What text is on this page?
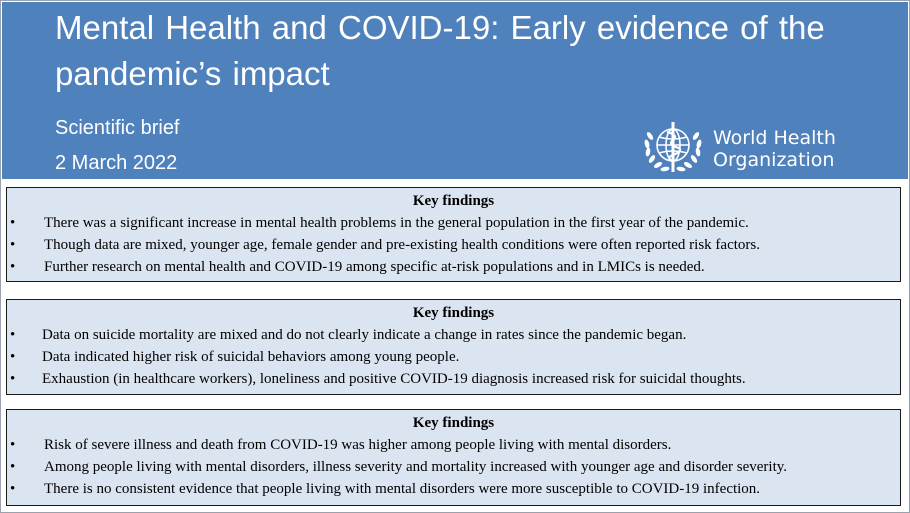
Mental Health and COVID-19: Early evidence of the pandemic’s impact
Scientific brief
2 March 2022
World Health
Organization
Key findings
• There was a significant increase in mental health problems in the general population in the first year of the pandemic.
• Though data are mixed, younger age, female gender and pre-existing health conditions were often reported risk factors.
• Further research on mental health and COVID-19 among specific at-risk populations and in LMICs is needed.
Key findings
• Data on suicide mortality are mixed and do not clearly indicate a change in rates since the pandemic began.
• Data indicated higher risk of suicidal behaviors among young people.
• Exhaustion (in healthcare workers), loneliness and positive COVID-19 diagnosis increased risk for suicidal thoughts.
Key findings
• Risk of severe illness and death from COVID-19 was higher among people living with mental disorders.
• Among people living with mental disorders, illness severity and mortality increased with younger age and disorder severity.
• There is no consistent evidence that people living with mental disorders were more susceptible to COVID-19 infection.
